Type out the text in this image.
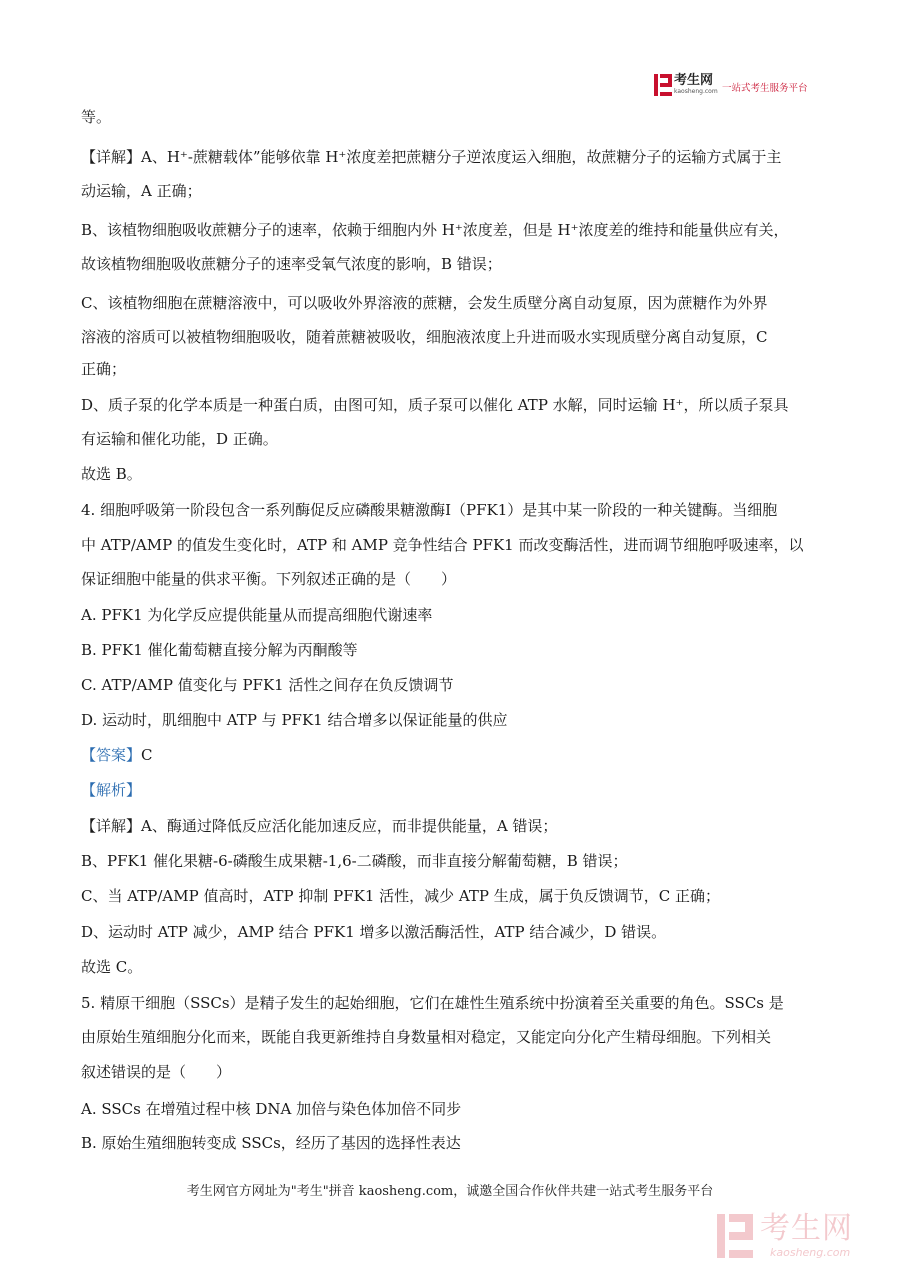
考生网
kaosheng.com 一站式考生服务平台
等。
【详解】A、H⁺-蔗糖载体”能够依靠 H⁺浓度差把蔗糖分子逆浓度运入细胞，故蔗糖分子的运输方式属于主
动运输，A 正确；
B、该植物细胞吸收蔗糖分子的速率，依赖于细胞内外 H⁺浓度差，但是 H⁺浓度差的维持和能量供应有关，
故该植物细胞吸收蔗糖分子的速率受氧气浓度的影响，B 错误；
C、该植物细胞在蔗糖溶液中，可以吸收外界溶液的蔗糖，会发生质壁分离自动复原，因为蔗糖作为外界
溶液的溶质可以被植物细胞吸收，随着蔗糖被吸收，细胞液浓度上升进而吸水实现质壁分离自动复原，C
正确；
D、质子泵的化学本质是一种蛋白质，由图可知，质子泵可以催化 ATP 水解，同时运输 H⁺，所以质子泵具
有运输和催化功能，D 正确。
故选 B。
4. 细胞呼吸第一阶段包含一系列酶促反应磷酸果糖激酶I（PFK1）是其中某一阶段的一种关键酶。当细胞
中 ATP/AMP 的值发生变化时，ATP 和 AMP 竞争性结合 PFK1 而改变酶活性，进而调节细胞呼吸速率，以
保证细胞中能量的供求平衡。下列叙述正确的是（　　）
A. PFK1 为化学反应提供能量从而提高细胞代谢速率
B. PFK1 催化葡萄糖直接分解为丙酮酸等
C. ATP/AMP 值变化与 PFK1 活性之间存在负反馈调节
D. 运动时，肌细胞中 ATP 与 PFK1 结合增多以保证能量的供应
【答案】C
【解析】
【详解】A、酶通过降低反应活化能加速反应，而非提供能量，A 错误；
B、PFK1 催化果糖-6-磷酸生成果糖-1,6-二磷酸，而非直接分解葡萄糖，B 错误；
C、当 ATP/AMP 值高时，ATP 抑制 PFK1 活性，减少 ATP 生成，属于负反馈调节，C 正确；
D、运动时 ATP 减少，AMP 结合 PFK1 增多以激活酶活性，ATP 结合减少，D 错误。
故选 C。
5. 精原干细胞（SSCs）是精子发生的起始细胞，它们在雄性生殖系统中扮演着至关重要的角色。SSCs 是
由原始生殖细胞分化而来，既能自我更新维持自身数量相对稳定，又能定向分化产生精母细胞。下列相关
叙述错误的是（　　）
A. SSCs 在增殖过程中核 DNA 加倍与染色体加倍不同步
B. 原始生殖细胞转变成 SSCs，经历了基因的选择性表达
考生网官方网址为"考生"拼音 kaosheng.com，诚邀全国合作伙伴共建一站式考生服务平台
考生网
kaosheng.com
